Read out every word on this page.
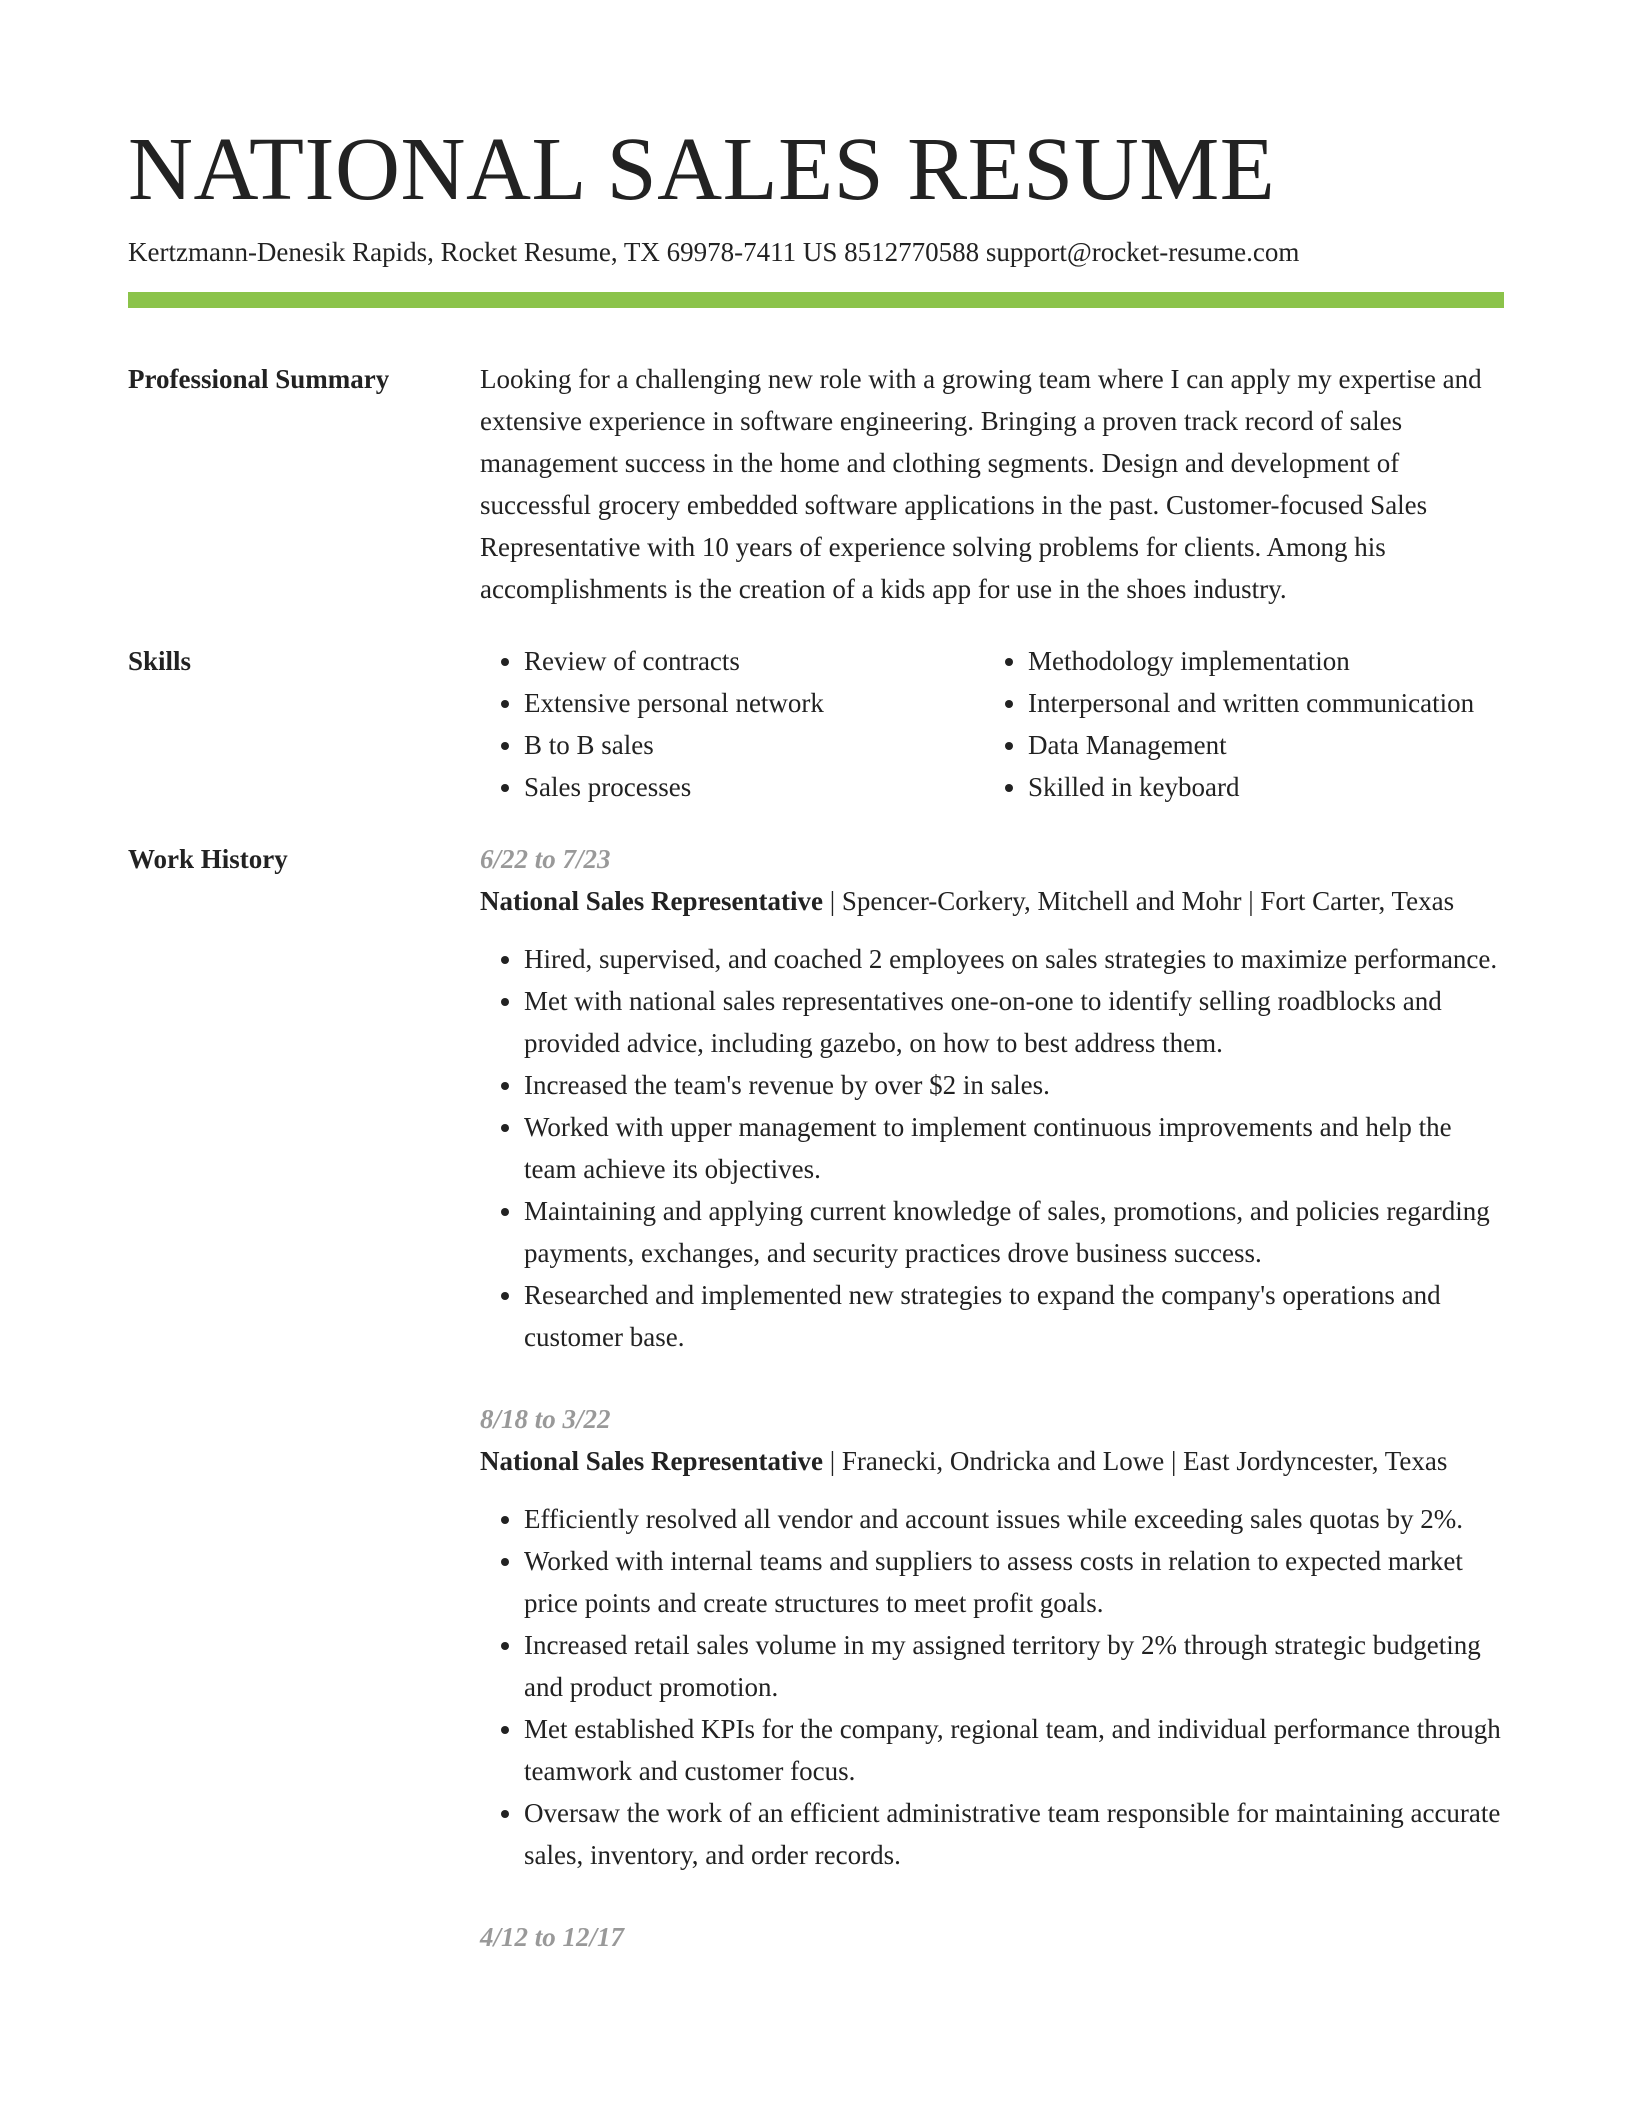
NATIONAL SALES RESUME
Kertzmann-Denesik Rapids, Rocket Resume, TX 69978-7411 US 8512770588 support@rocket-resume.com
Professional Summary	Looking for a challenging new role with a growing team where I can apply my expertise and extensive experience in software engineering. Bringing a proven track record of sales management success in the home and clothing segments. Design and development of successful grocery embedded software applications in the past. Customer-focused Sales Representative with 10 years of experience solving problems for clients. Among his accomplishments is the creation of a kids app for use in the shoes industry.

Skills
•	Review of contracts
• Extensive personal network
• B to B sales
• Sales processes
• Methodology implementation
• Interpersonal and written communication
• Data Management
• Skilled in keyboard
Work History	6/22 to 7/23
National Sales Representative | Spencer-Corkery, Mitchell and Mohr | Fort Carter, Texas
• Hired, supervised, and coached 2 employees on sales strategies to maximize performance.
• Met with national sales representatives one-on-one to identify selling roadblocks and provided advice, including gazebo, on how to best address them.
• Increased the team's revenue by over $2 in sales.
• Worked with upper management to implement continuous improvements and help the team achieve its objectives.
• Maintaining and applying current knowledge of sales, promotions, and policies regarding payments, exchanges, and security practices drove business success.
• Researched and implemented new strategies to expand the company's operations and customer base.
8/18 to 3/22
National Sales Representative | Franecki, Ondricka and Lowe | East Jordyncester, Texas
• Efficiently resolved all vendor and account issues while exceeding sales quotas by 2%.
• Worked with internal teams and suppliers to assess costs in relation to expected market price points and create structures to meet profit goals.
• Increased retail sales volume in my assigned territory by 2% through strategic budgeting and product promotion.
• Met established KPIs for the company, regional team, and individual performance through teamwork and customer focus.
• Oversaw the work of an efficient administrative team responsible for maintaining accurate sales, inventory, and order records.
4/12 to 12/17
